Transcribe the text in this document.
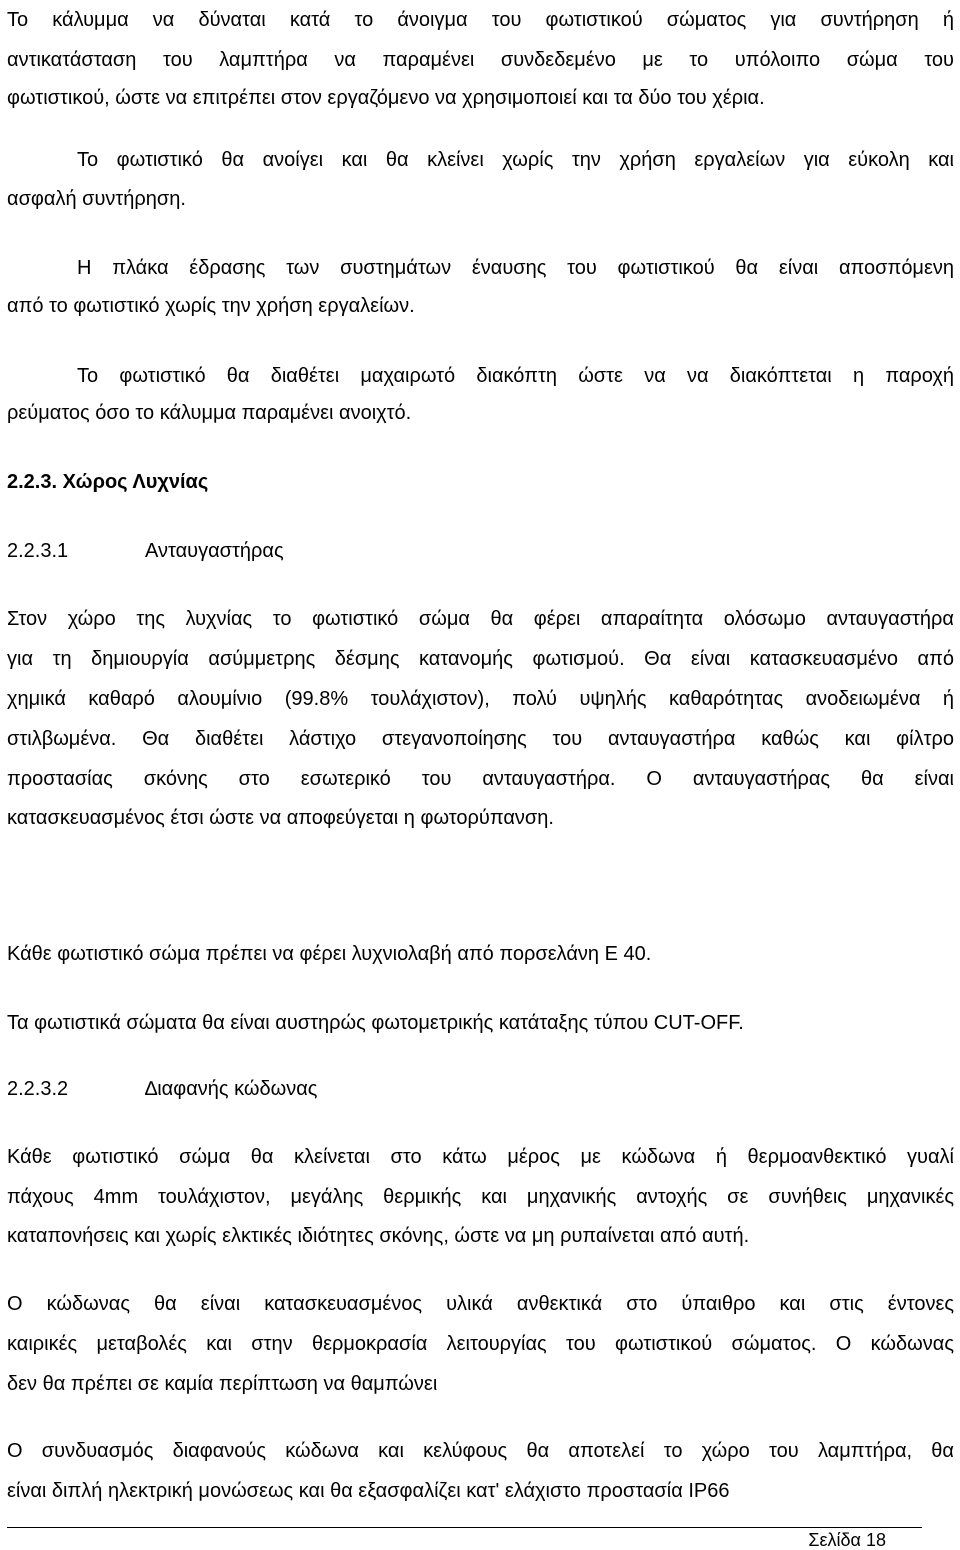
Το κάλυμμα να δύναται κατά το άνοιγμα του φωτιστικού σώματος για συντήρηση ή
αντικατάσταση του λαμπτήρα να παραμένει συνδεδεμένο με το υπόλοιπο σώμα του
φωτιστικού, ώστε να επιτρέπει στον εργαζόμενο να χρησιμοποιεί και τα δύο του χέρια.
Το φωτιστικό θα ανοίγει και θα κλείνει χωρίς την χρήση εργαλείων για εύκολη και
ασφαλή συντήρηση.
Η πλάκα έδρασης των συστημάτων έναυσης του φωτιστικού θα είναι αποσπόμενη
από το φωτιστικό χωρίς την χρήση εργαλείων.
Το φωτιστικό θα διαθέτει μαχαιρωτό διακόπτη ώστε να να διακόπτεται η παροχή
ρεύματος όσο το κάλυμμα παραμένει ανοιχτό.
2.2.3. Χώρος Λυχνίας
2.2.3.1	Ανταυγαστήρας
Στον χώρο της λυχνίας το φωτιστικό σώμα θα φέρει απαραίτητα ολόσωμο ανταυγαστήρα
για τη δημιουργία ασύμμετρης δέσμης κατανομής φωτισμού. Θα είναι κατασκευασμένο από
χημικά καθαρό αλουμίνιο (99.8% τουλάχιστον), πολύ υψηλής καθαρότητας ανοδειωμένα ή
στιλβωμένα. Θα διαθέτει λάστιχο στεγανοποίησης του ανταυγαστήρα καθώς και φίλτρο
προστασίας σκόνης στο εσωτερικό του ανταυγαστήρα. Ο ανταυγαστήρας θα είναι
κατασκευασμένος έτσι ώστε να αποφεύγεται η φωτορύπανση.
Κάθε φωτιστικό σώμα πρέπει να φέρει λυχνιολαβή από πορσελάνη Ε 40.
Τα φωτιστικά σώματα θα είναι αυστηρώς φωτομετρικής κατάταξης τύπου CUT-OFF.
2.2.3.2	∆ιαφανής κώδωνας
Κάθε φωτιστικό σώμα θα κλείνεται στο κάτω μέρος με κώδωνα ή θερμοανθεκτικό γυαλί
πάχους 4mm τουλάχιστον, μεγάλης θερμικής και μηχανικής αντοχής σε συνήθεις μηχανικές
καταπονήσεις και χωρίς ελκτικές ιδιότητες σκόνης, ώστε να μη ρυπαίνεται από αυτή.
Ο κώδωνας θα είναι κατασκευασμένος υλικά ανθεκτικά στο ύπαιθρο και στις έντονες
καιρικές μεταβολές και στην θερμοκρασία λειτουργίας του φωτιστικού σώματος. Ο κώδωνας
δεν θα πρέπει σε καμία περίπτωση να θαμπώνει
Ο συνδυασμός διαφανούς κώδωνα και κελύφους θα αποτελεί το χώρο του λαμπτήρα, θα
είναι διπλή ηλεκτρική μονώσεως και θα εξασφαλίζει κατ' ελάχιστο προστασία IP66
Σελίδα 18
